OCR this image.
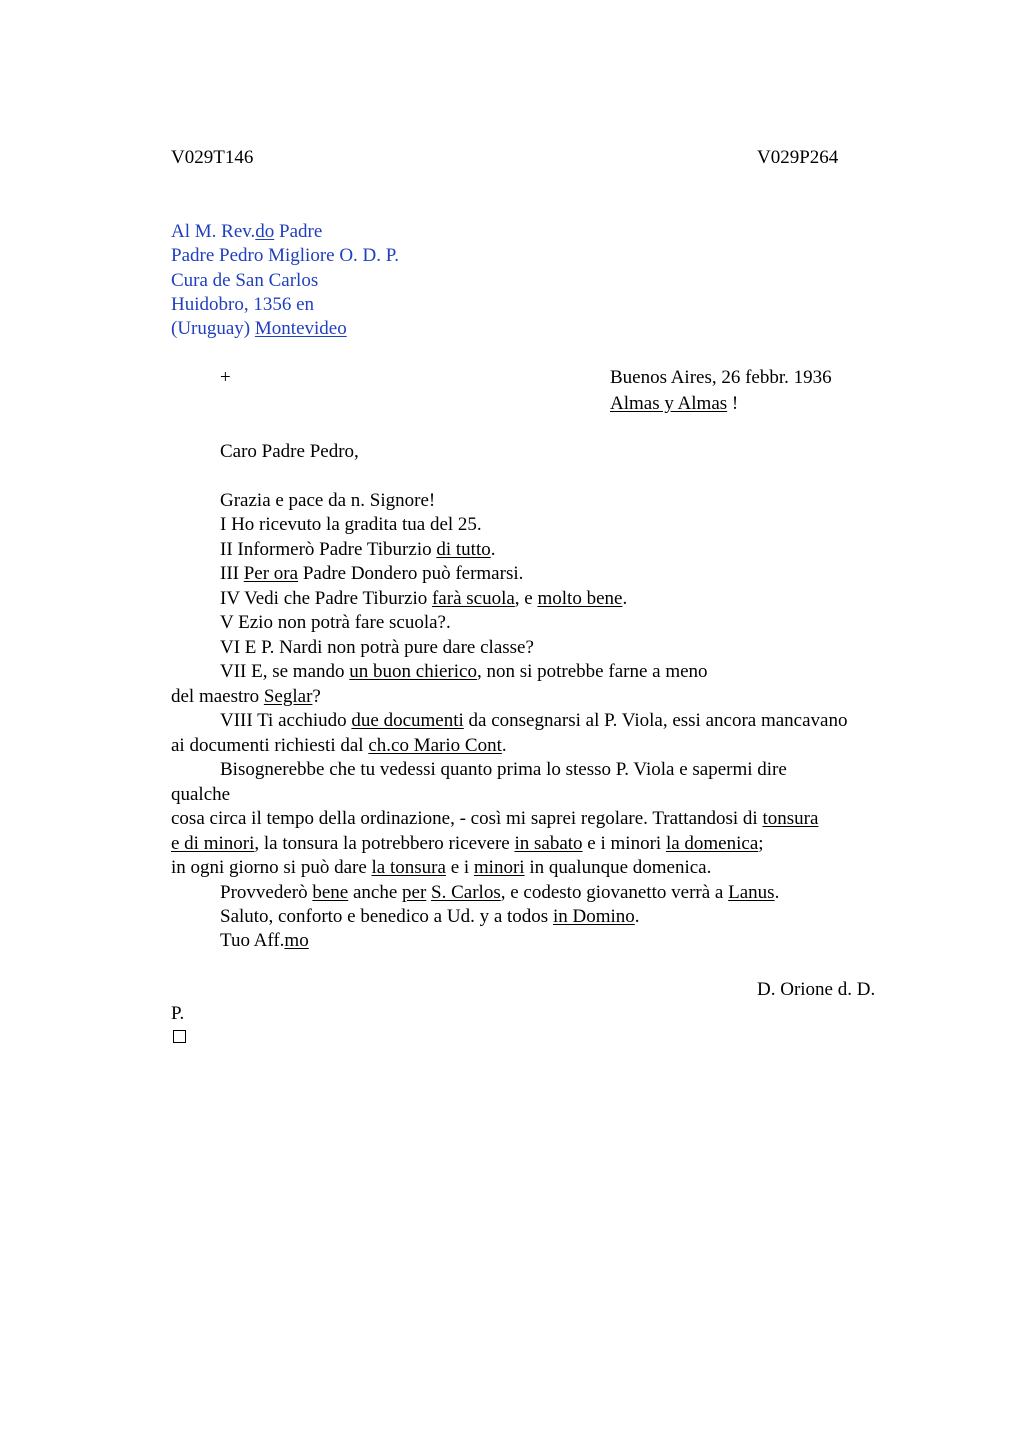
V029T146	V029P264
Al M. Rev.do Padre
Padre Pedro Migliore O. D. P.
Cura de San Carlos
Huidobro, 1356 en
(Uruguay) Montevideo
+	Buenos Aires, 26 febbr. 1936
Almas y Almas !
Caro Padre Pedro,
Grazia e pace da n. Signore!
I Ho ricevuto la gradita tua del 25.
II Informerò Padre Tiburzio di tutto.
III Per ora Padre Dondero può fermarsi.
IV Vedi che Padre Tiburzio farà scuola, e molto bene.
V Ezio non potrà fare scuola?.
VI E P. Nardi non potrà pure dare classe?
VII E, se mando un buon chierico, non si potrebbe farne a meno
del maestro Seglar?
VIII Ti acchiudo due documenti da consegnarsi al P. Viola, essi ancora mancavano
ai documenti richiesti dal ch.co Mario Cont.
Bisognerebbe che tu vedessi quanto prima lo stesso P. Viola e sapermi dire
qualche
cosa circa il tempo della ordinazione, - così mi saprei regolare. Trattandosi di tonsura
e di minori, la tonsura la potrebbero ricevere in sabato e i minori la domenica;
in ogni giorno si può dare la tonsura e i minori in qualunque domenica.
Provvederò bene anche per S. Carlos, e codesto giovanetto verrà a Lanus.
Saluto, conforto e benedico a Ud. y a todos in Domino.
Tuo Aff.mo
D. Orione d. D.
P.
